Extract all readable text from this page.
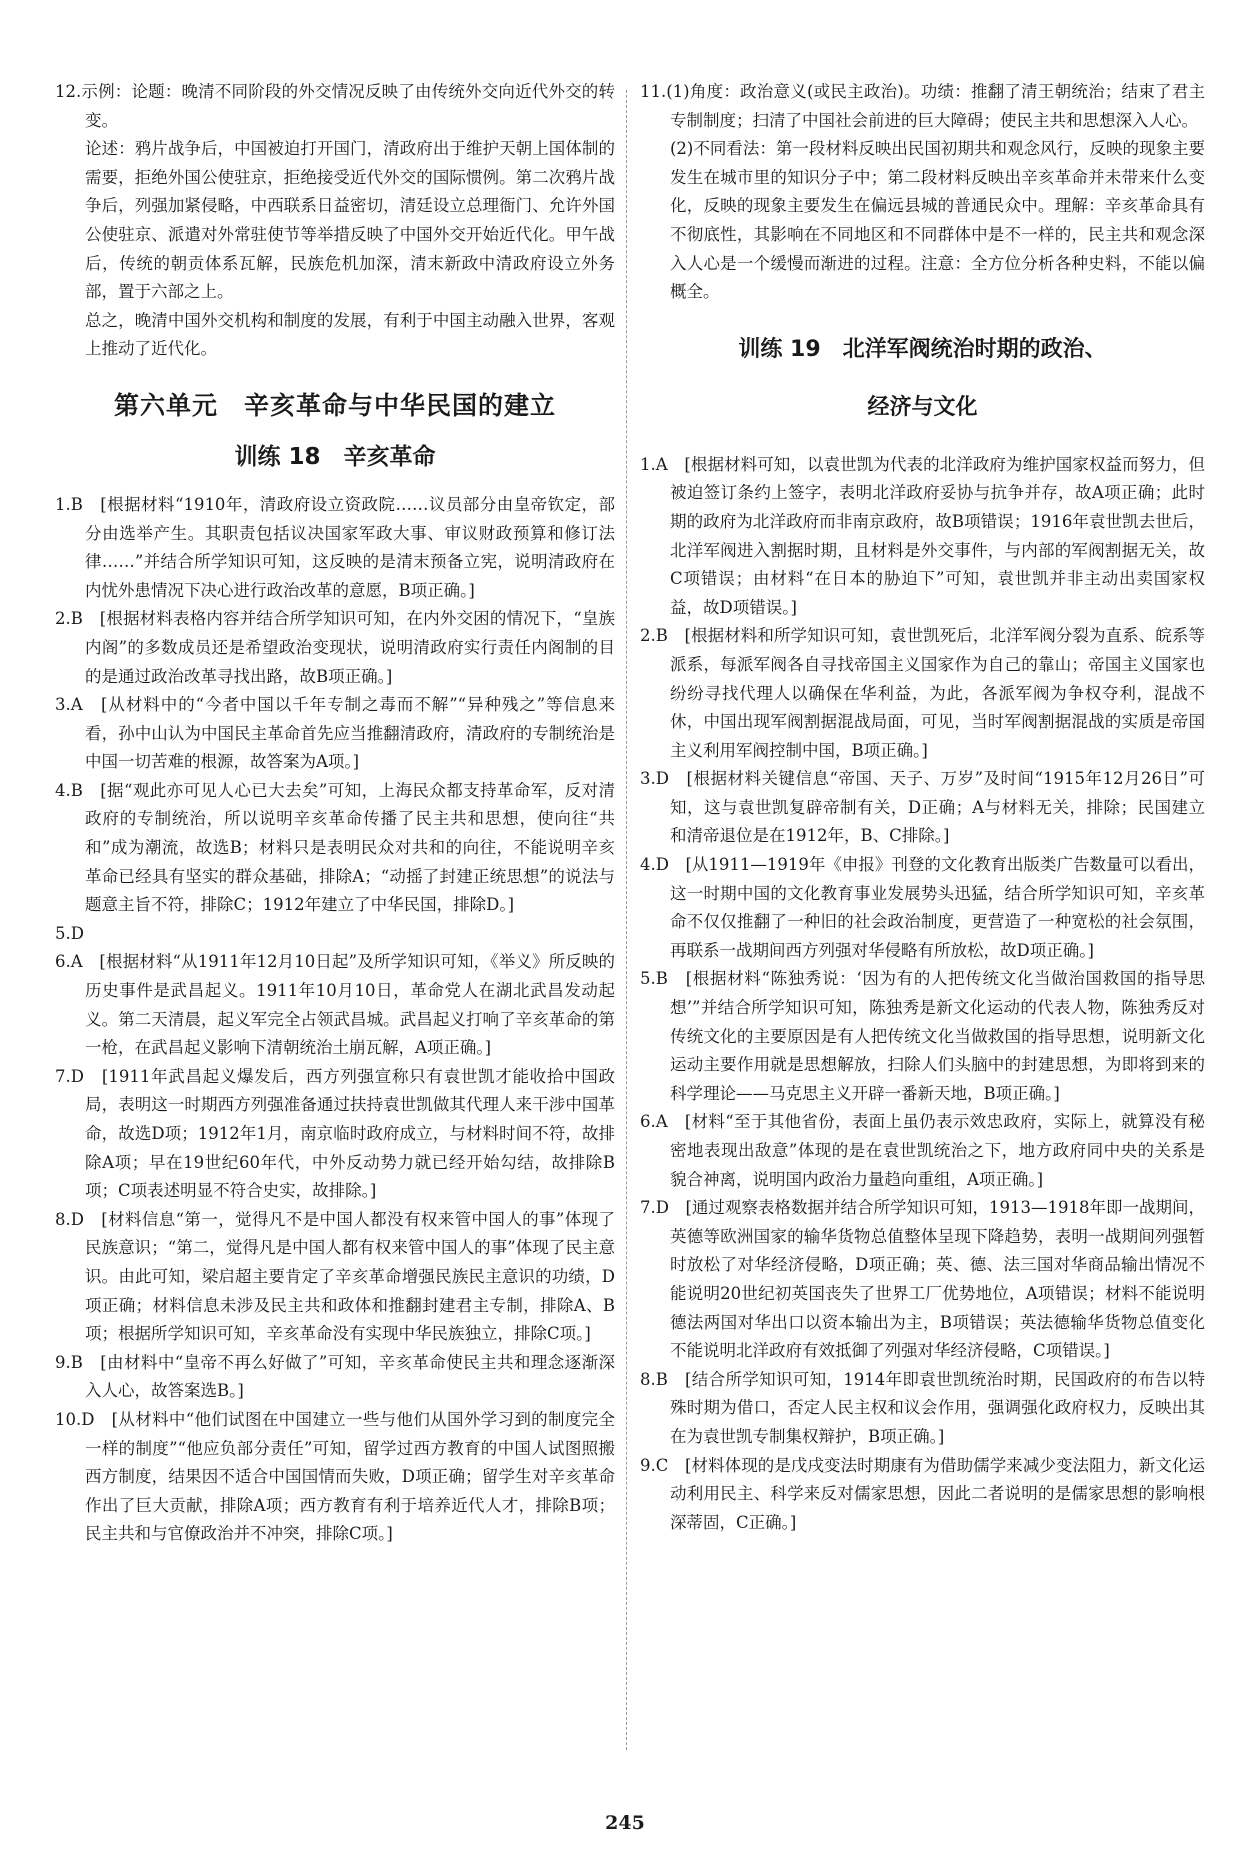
12.示例：论题：晚清不同阶段的外交情况反映了由传统外交向近代外交的转变。

论述：鸦片战争后，中国被迫打开国门，清政府出于维护天朝上国体制的需要，拒绝外国公使驻京，拒绝接受近代外交的国际惯例。第二次鸦片战争后，列强加紧侵略，中西联系日益密切，清廷设立总理衙门、允许外国公使驻京、派遣对外常驻使节等举措反映了中国外交开始近代化。甲午战后，传统的朝贡体系瓦解，民族危机加深，清末新政中清政府设立外务部，置于六部之上。

总之，晚清中国外交机构和制度的发展，有利于中国主动融入世界，客观上推动了近代化。

第六单元　辛亥革命与中华民国的建立
训练 18　辛亥革命

1.B　[根据材料“1910年，清政府设立资政院……议员部分由皇帝钦定，部分由选举产生。其职责包括议决国家军政大事、审议财政预算和修订法律……”并结合所学知识可知，这反映的是清末预备立宪，说明清政府在内忧外患情况下决心进行政治改革的意愿，B项正确。]

2.B　[根据材料表格内容并结合所学知识可知，在内外交困的情况下，“皇族内阁”的多数成员还是希望政治变现状，说明清政府实行责任内阁制的目的是通过政治改革寻找出路，故B项正确。]

3.A　[从材料中的“今者中国以千年专制之毒而不解”“异种残之”等信息来看，孙中山认为中国民主革命首先应当推翻清政府，清政府的专制统治是中国一切苦难的根源，故答案为A项。]

4.B　[据“观此亦可见人心已大去矣”可知，上海民众都支持革命军，反对清政府的专制统治，所以说明辛亥革命传播了民主共和思想，使向往“共和”成为潮流，故选B；材料只是表明民众对共和的向往，不能说明辛亥革命已经具有坚实的群众基础，排除A；“动摇了封建正统思想”的说法与题意主旨不符，排除C；1912年建立了中华民国，排除D。]

5.D

6.A　[根据材料“从1911年12月10日起”及所学知识可知，《举义》所反映的历史事件是武昌起义。1911年10月10日，革命党人在湖北武昌发动起义。第二天清晨，起义军完全占领武昌城。武昌起义打响了辛亥革命的第一枪，在武昌起义影响下清朝统治土崩瓦解，A项正确。]

7.D　[1911年武昌起义爆发后，西方列强宣称只有袁世凯才能收拾中国政局，表明这一时期西方列强准备通过扶持袁世凯做其代理人来干涉中国革命，故选D项；1912年1月，南京临时政府成立，与材料时间不符，故排除A项；早在19世纪60年代，中外反动势力就已经开始勾结，故排除B项；C项表述明显不符合史实，故排除。]

8.D　[材料信息“第一，觉得凡不是中国人都没有权来管中国人的事”体现了民族意识；“第二，觉得凡是中国人都有权来管中国人的事”体现了民主意识。由此可知，梁启超主要肯定了辛亥革命增强民族民主意识的功绩，D项正确；材料信息未涉及民主共和政体和推翻封建君主专制，排除A、B项；根据所学知识可知，辛亥革命没有实现中华民族独立，排除C项。]

9.B　[由材料中“皇帝不再么好做了”可知，辛亥革命使民主共和理念逐渐深入人心，故答案选B。]

10.D　[从材料中“他们试图在中国建立一些与他们从国外学习到的制度完全一样的制度”“他应负部分责任”可知，留学过西方教育的中国人试图照搬西方制度，结果因不适合中国国情而失败，D项正确；留学生对辛亥革命作出了巨大贡献，排除A项；西方教育有利于培养近代人才，排除B项；民主共和与官僚政治并不冲突，排除C项。]

11.(1)角度：政治意义(或民主政治)。功绩：推翻了清王朝统治；结束了君主专制制度；扫清了中国社会前进的巨大障碍；使民主共和思想深入人心。

(2)不同看法：第一段材料反映出民国初期共和观念风行，反映的现象主要发生在城市里的知识分子中；第二段材料反映出辛亥革命并未带来什么变化，反映的现象主要发生在偏远县城的普通民众中。理解：辛亥革命具有不彻底性，其影响在不同地区和不同群体中是不一样的，民主共和观念深入人心是一个缓慢而渐进的过程。注意：全方位分析各种史料，不能以偏概全。

训练 19　北洋军阀统治时期的政治、
经济与文化

1.A　[根据材料可知，以袁世凯为代表的北洋政府为维护国家权益而努力，但被迫签订条约上签字，表明北洋政府妥协与抗争并存，故A项正确；此时期的政府为北洋政府而非南京政府，故B项错误；1916年袁世凯去世后，北洋军阀进入割据时期，且材料是外交事件，与内部的军阀割据无关，故C项错误；由材料“在日本的胁迫下”可知，袁世凯并非主动出卖国家权益，故D项错误。]

2.B　[根据材料和所学知识可知，袁世凯死后，北洋军阀分裂为直系、皖系等派系，每派军阀各自寻找帝国主义国家作为自己的靠山；帝国主义国家也纷纷寻找代理人以确保在华利益，为此，各派军阀为争权夺利，混战不休，中国出现军阀割据混战局面，可见，当时军阀割据混战的实质是帝国主义利用军阀控制中国，B项正确。]

3.D　[根据材料关键信息“帝国、天子、万岁”及时间“1915年12月26日”可知，这与袁世凯复辟帝制有关，D正确；A与材料无关，排除；民国建立和清帝退位是在1912年，B、C排除。]

4.D　[从1911—1919年《申报》刊登的文化教育出版类广告数量可以看出，这一时期中国的文化教育事业发展势头迅猛，结合所学知识可知，辛亥革命不仅仅推翻了一种旧的社会政治制度，更营造了一种宽松的社会氛围，再联系一战期间西方列强对华侵略有所放松，故D项正确。]

5.B　[根据材料“陈独秀说：‘因为有的人把传统文化当做治国救国的指导思想’”并结合所学知识可知，陈独秀是新文化运动的代表人物，陈独秀反对传统文化的主要原因是有人把传统文化当做救国的指导思想，说明新文化运动主要作用就是思想解放，扫除人们头脑中的封建思想，为即将到来的科学理论——马克思主义开辟一番新天地，B项正确。]

6.A　[材料“至于其他省份，表面上虽仍表示效忠政府，实际上，就算没有秘密地表现出敌意”体现的是在袁世凯统治之下，地方政府同中央的关系是貌合神离，说明国内政治力量趋向重组，A项正确。]

7.D　[通过观察表格数据并结合所学知识可知，1913—1918年即一战期间，英德等欧洲国家的输华货物总值整体呈现下降趋势，表明一战期间列强暂时放松了对华经济侵略，D项正确；英、德、法三国对华商品输出情况不能说明20世纪初英国丧失了世界工厂优势地位，A项错误；材料不能说明德法两国对华出口以资本输出为主，B项错误；英法德输华货物总值变化不能说明北洋政府有效抵御了列强对华经济侵略，C项错误。]

8.B　[结合所学知识可知，1914年即袁世凯统治时期，民国政府的布告以特殊时期为借口，否定人民主权和议会作用，强调强化政府权力，反映出其在为袁世凯专制集权辩护，B项正确。]

9.C　[材料体现的是戊戌变法时期康有为借助儒学来减少变法阻力，新文化运动利用民主、科学来反对儒家思想，因此二者说明的是儒家思想的影响根深蒂固，C正确。]

245
